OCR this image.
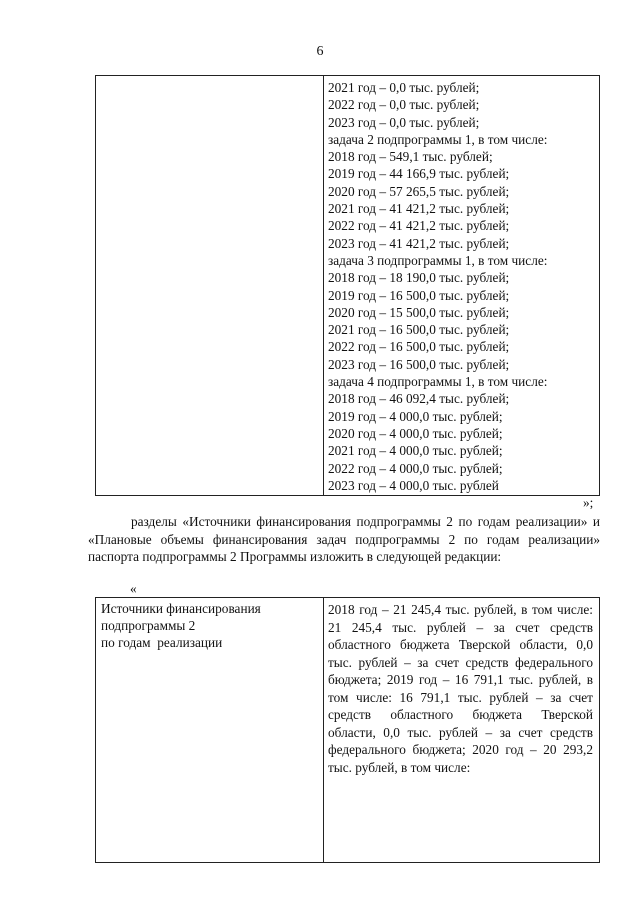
6
2021 год – 0,0 тыс. рублей;
2022 год – 0,0 тыс. рублей;
2023 год – 0,0 тыс. рублей;
задача 2 подпрограммы 1, в том числе:
2018 год – 549,1 тыс. рублей;
2019 год – 44 166,9 тыс. рублей;
2020 год – 57 265,5 тыс. рублей;
2021 год – 41 421,2 тыс. рублей;
2022 год – 41 421,2 тыс. рублей;
2023 год – 41 421,2 тыс. рублей;
задача 3 подпрограммы 1, в том числе:
2018 год – 18 190,0 тыс. рублей;
2019 год – 16 500,0 тыс. рублей;
2020 год – 15 500,0 тыс. рублей;
2021 год – 16 500,0 тыс. рублей;
2022 год – 16 500,0 тыс. рублей;
2023 год – 16 500,0 тыс. рублей;
задача 4 подпрограммы 1, в том числе:
2018 год – 46 092,4 тыс. рублей;
2019 год – 4 000,0 тыс. рублей;
2020 год – 4 000,0 тыс. рублей;
2021 год – 4 000,0 тыс. рублей;
2022 год – 4 000,0 тыс. рублей;
2023 год – 4 000,0 тыс. рублей
»;
разделы «Источники финансирования подпрограммы 2 по годам реализации» и «Плановые объемы финансирования задач подпрограммы 2 по годам реализации» паспорта подпрограммы 2 Программы изложить в следующей редакции:
«
Источники финансирования
подпрограммы 2
по годам  реализации
2018 год – 21 245,4 тыс. рублей, в том числе: 21 245,4 тыс. рублей – за счет средств областного бюджета Тверской области, 0,0 тыс. рублей – за счет средств федерального бюджета; 2019 год – 16 791,1 тыс. рублей, в том числе: 16 791,1 тыс. рублей – за счет средств областного бюджета Тверской области, 0,0 тыс. рублей – за счет средств федерального бюджета; 2020 год – 20 293,2 тыс. рублей, в том числе:
